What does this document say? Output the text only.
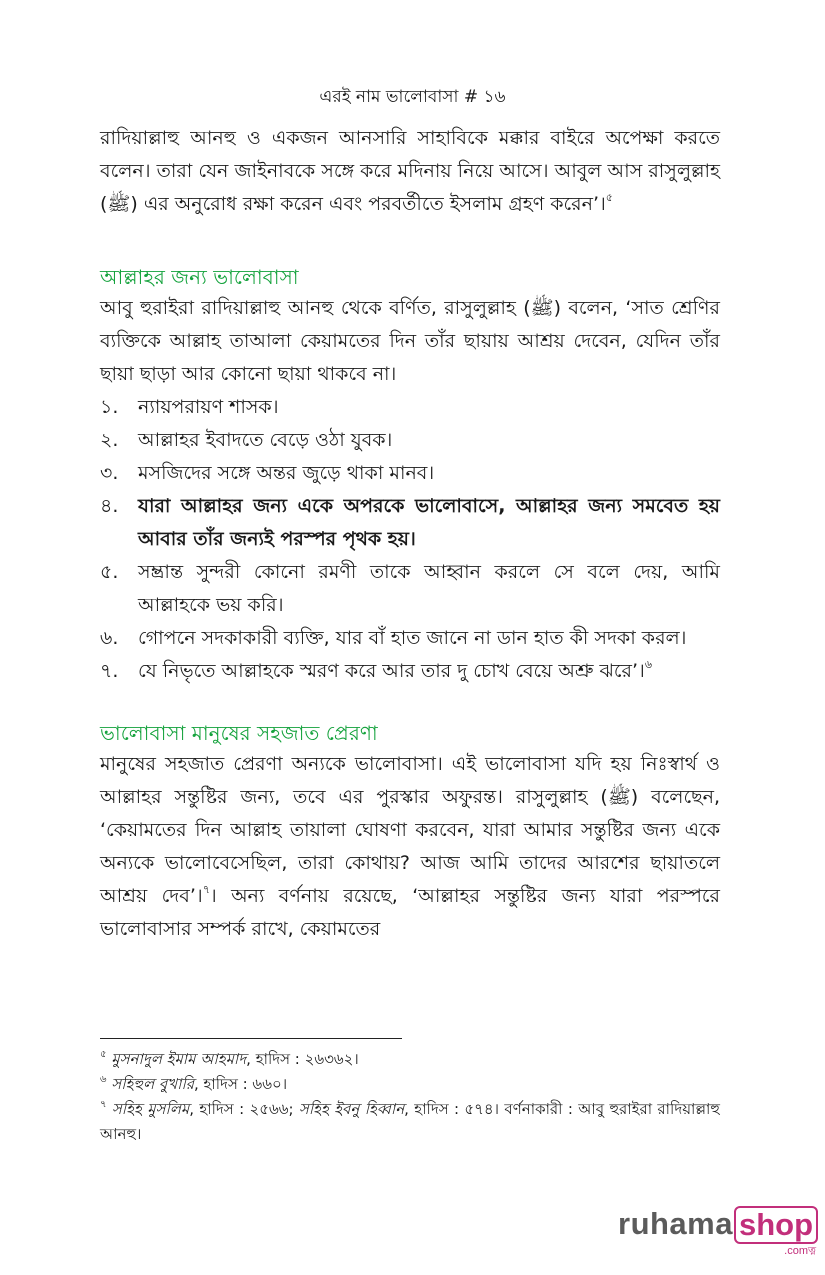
এরই নাম ভালোবাসা # ১৬

রাদিয়াল্লাহু আনহু ও একজন আনসারি সাহাবিকে মক্কার বাইরে অপেক্ষা করতে বলেন। তারা যেন জাইনাবকে সঙ্গে করে মদিনায় নিয়ে আসে। আবুল আস রাসুলুল্লাহ (ﷺ) এর অনুরোধ রক্ষা করেন এবং পরবর্তীতে ইসলাম গ্রহণ করেন’।$^৫$

আল্লাহর জন্য ভালোবাসা

আবু হুরাইরা রাদিয়াল্লাহু আনহু থেকে বর্ণিত, রাসুলুল্লাহ (ﷺ) বলেন, ‘সাত শ্রেণির ব্যক্তিকে আল্লাহ তাআলা কেয়ামতের দিন তাঁর ছায়ায় আশ্রয় দেবেন, যেদিন তাঁর ছায়া ছাড়া আর কোনো ছায়া থাকবে না।

১.	ন্যায়পরায়ণ শাসক।
২.	আল্লাহর ইবাদতে বেড়ে ওঠা যুবক।
৩.	মসজিদের সঙ্গে অন্তর জুড়ে থাকা মানব।
৪.	যারা আল্লাহর জন্য একে অপরকে ভালোবাসে, আল্লাহর জন্য সমবেত হয় আবার তাঁর জন্যই পরস্পর পৃথক হয়।
৫.	সম্ভ্রান্ত সুন্দরী কোনো রমণী তাকে আহ্বান করলে সে বলে দেয়, আমি আল্লাহকে ভয় করি।
৬.	গোপনে সদকাকারী ব্যক্তি, যার বাঁ হাত জানে না ডান হাত কী সদকা করল।
৭.	যে নিভৃতে আল্লাহকে স্মরণ করে আর তার দু চোখ বেয়ে অশ্রু ঝরে’।$^৬$
ভালোবাসা মানুষের সহজাত প্রেরণা

মানুষের সহজাত প্রেরণা অন্যকে ভালোবাসা। এই ভালোবাসা যদি হয় নিঃস্বার্থ ও আল্লাহর সন্তুষ্টির জন্য, তবে এর পুরস্কার অফুরন্ত। রাসুলুল্লাহ (ﷺ) বলেছেন, ‘কেয়ামতের দিন আল্লাহ তায়ালা ঘোষণা করবেন, যারা আমার সন্তুষ্টির জন্য একে অন্যকে ভালোবেসেছিল, তারা কোথায়? আজ আমি তাদের আরশের ছায়াতলে আশ্রয় দেব’।$^৭$। অন্য বর্ণনায় রয়েছে, ‘আল্লাহর সন্তুষ্টির জন্য যারা পরস্পরে ভালোবাসার সম্পর্ক রাখে, কেয়ামতের

$^৫$ মুসনাদুল ইমাম আহমাদ, হাদিস : ২৬৩৬২।

$^৬$ সহিহুল বুখারি, হাদিস : ৬৬০।

$^৭$ সহিহ মুসলিম, হাদিস : ২৫৬৬; সহিহ ইবনু হিব্বান, হাদিস : ৫৭৪। বর্ণনাকারী : আবু হুরাইরা রাদিয়াল্লাহু আনহু।

ruhama shop
.comত্ন
